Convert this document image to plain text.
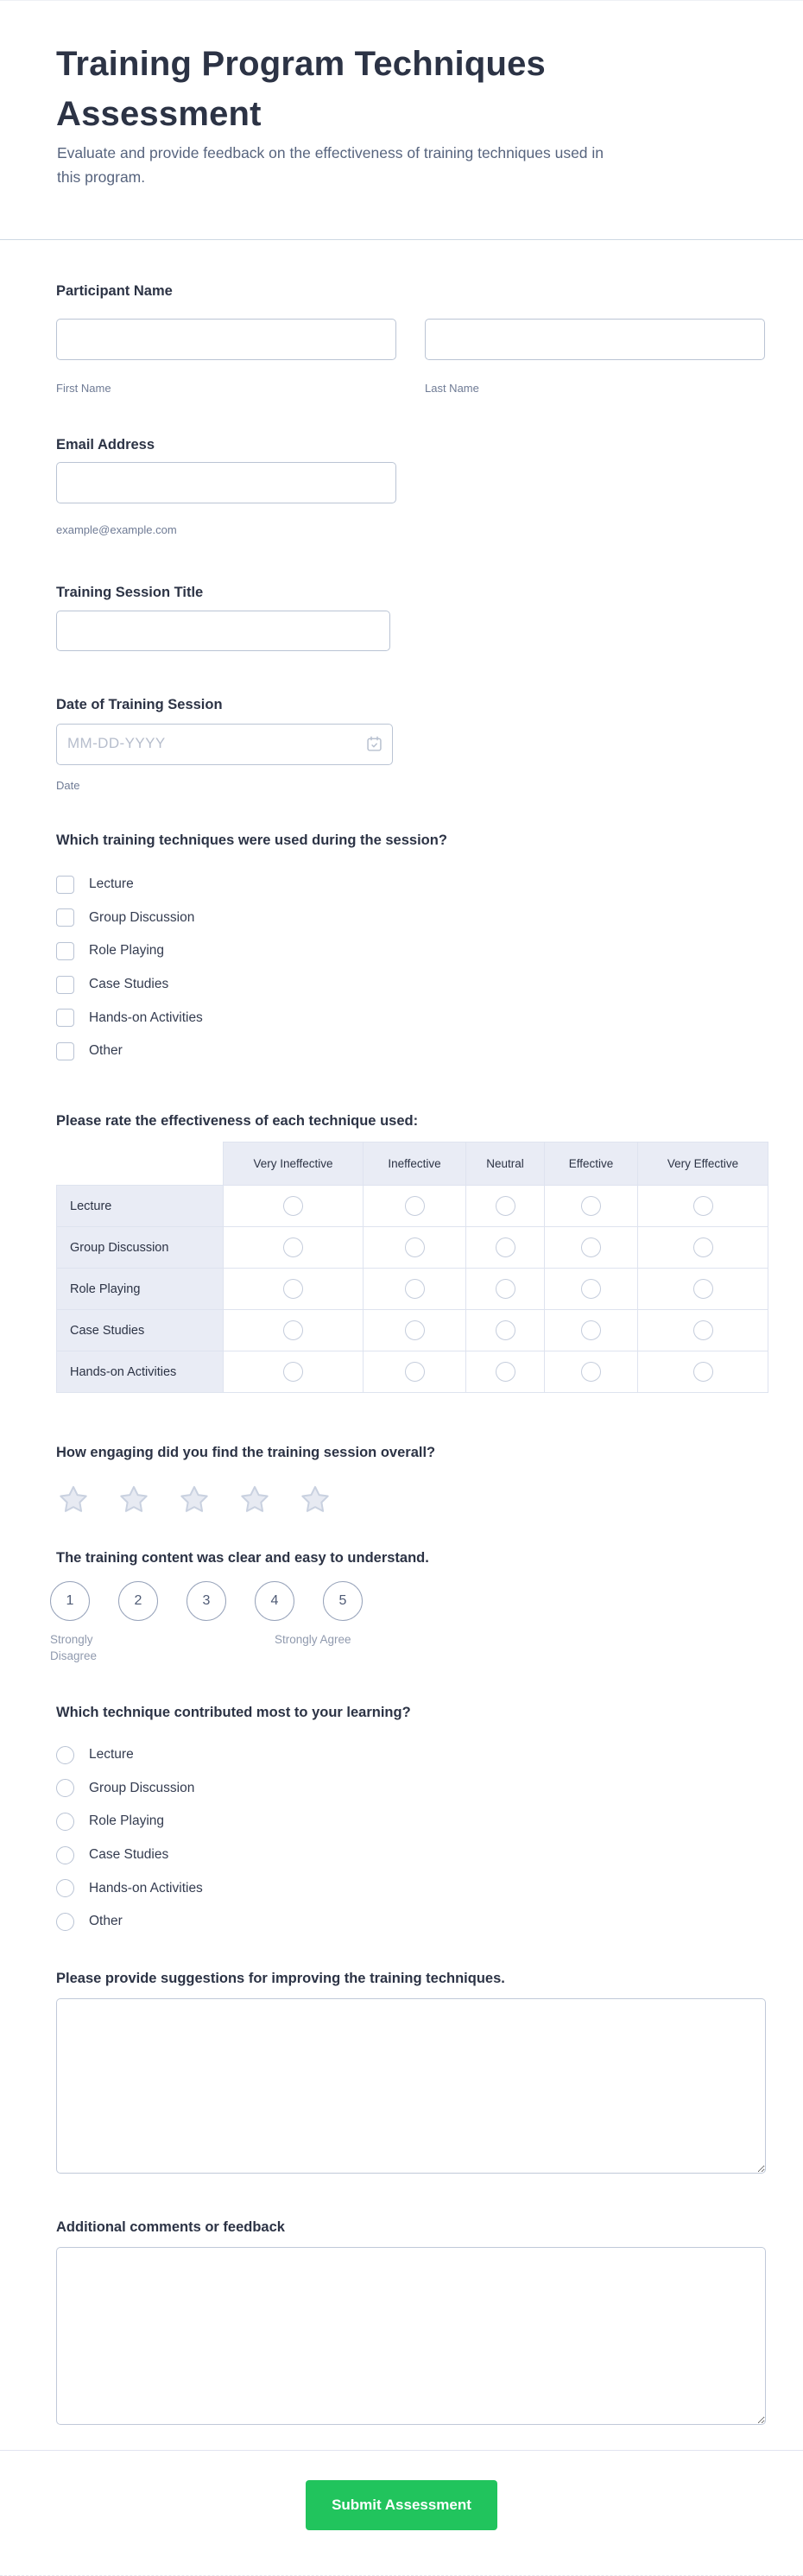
Training Program Techniques
Assessment
Evaluate and provide feedback on the effectiveness of training techniques used in
this program.
Participant Name
First Name	Last Name
Email Address
example@example.com
Training Session Title
Date of Training Session
MM-DD-YYYY
Date
Which training techniques were used during the session?
Lecture
Group Discussion
Role Playing
Case Studies
Hands-on Activities
Other
Please rate the effectiveness of each technique used:
	Very Ineffective	Ineffective	Neutral	Effective	Very Effective
Lecture					
Group Discussion					
Role Playing					
Case Studies					
Hands-on Activities					
How engaging did you find the training session overall?
The training content was clear and easy to understand.
1	2	3	4	5
Strongly Disagree
Strongly Agree
Which technique contributed most to your learning?
Lecture
Group Discussion
Role Playing
Case Studies
Hands-on Activities
Other
Please provide suggestions for improving the training techniques.
Additional comments or feedback
Submit Assessment
